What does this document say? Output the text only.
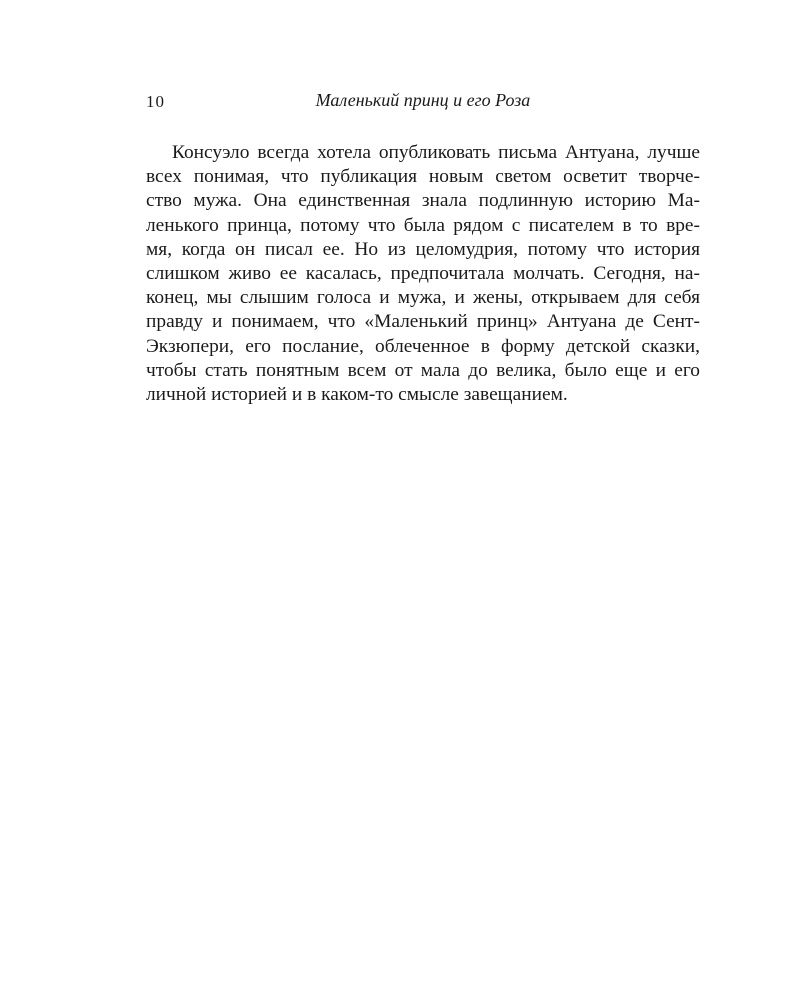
10	Маленький принц и его Роза
Консуэло всегда хотела опубликовать письма Антуана, лучше
всех понимая, что публикация новым светом осветит творче-
ство мужа. Она единственная знала подлинную историю Ма-
ленького принца, потому что была рядом с писателем в то вре-
мя, когда он писал ее. Но из целомудрия, потому что история
слишком живо ее касалась, предпочитала молчать. Сегодня, на-
конец, мы слышим голоса и мужа, и жены, открываем для себя
правду и понимаем, что «Маленький принц» Антуана де Сент-
Экзюпери, его послание, облеченное в форму детской сказки,
чтобы стать понятным всем от мала до велика, было еще и его
личной историей и в каком-то смысле завещанием.
